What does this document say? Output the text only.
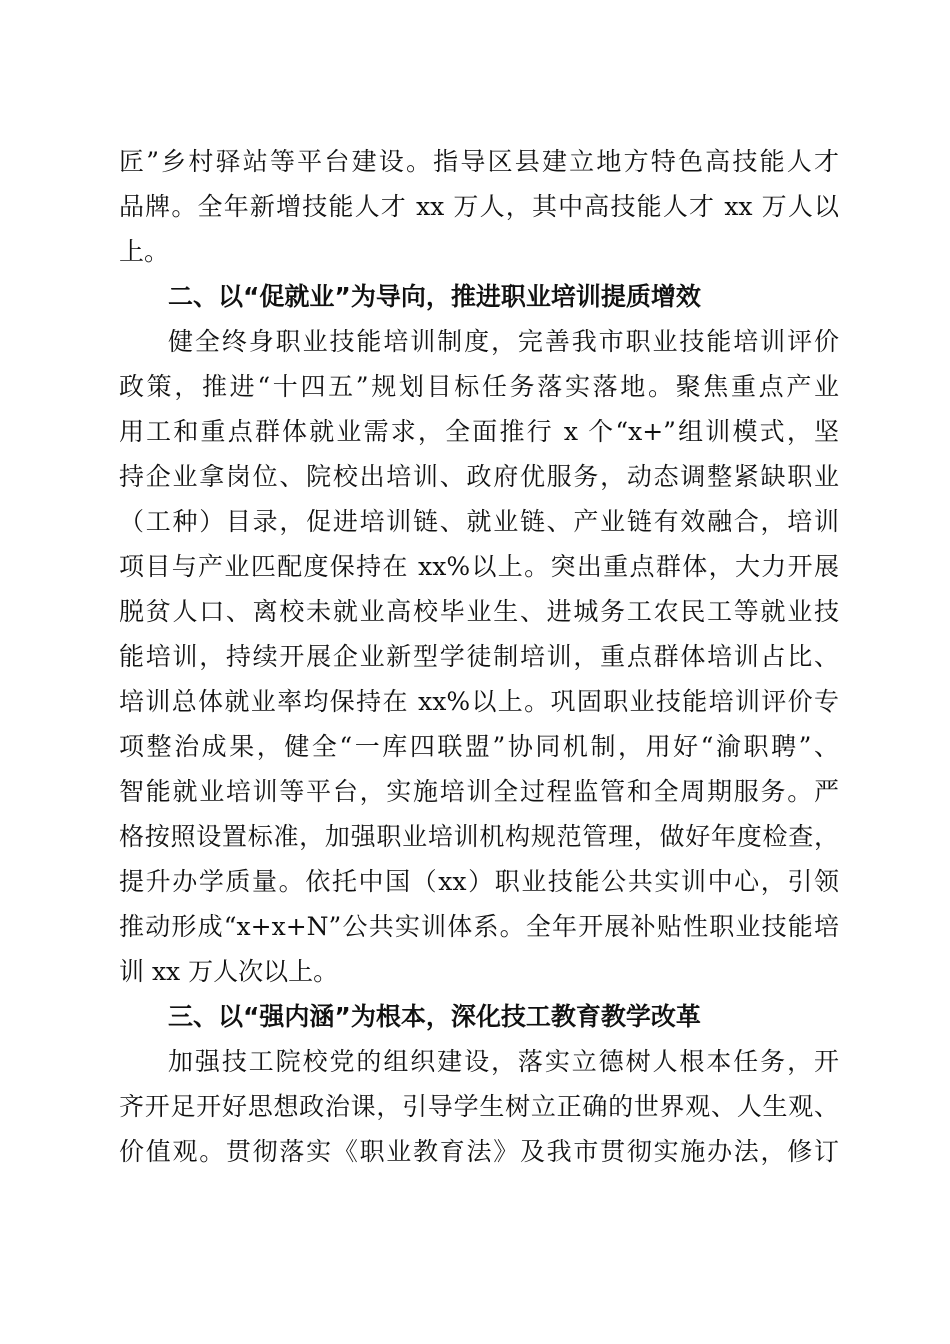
匠”乡村驿站等平台建设。指导区县建立地方特色高技能人才
品牌。全年新增技能人才 xx 万人，其中高技能人才 xx 万人以
上。
二、以“促就业”为导向，推进职业培训提质增效
健全终身职业技能培训制度，完善我市职业技能培训评价
政策，推进“十四五”规划目标任务落实落地。聚焦重点产业
用工和重点群体就业需求，全面推行 x 个“x+”组训模式，坚
持企业拿岗位、院校出培训、政府优服务，动态调整紧缺职业
（工种）目录，促进培训链、就业链、产业链有效融合，培训
项目与产业匹配度保持在 xx%以上。突出重点群体，大力开展
脱贫人口、离校未就业高校毕业生、进城务工农民工等就业技
能培训，持续开展企业新型学徒制培训，重点群体培训占比、
培训总体就业率均保持在 xx%以上。巩固职业技能培训评价专
项整治成果，健全“一库四联盟”协同机制，用好“渝职聘”、
智能就业培训等平台，实施培训全过程监管和全周期服务。严
格按照设置标准，加强职业培训机构规范管理，做好年度检查，
提升办学质量。依托中国（xx）职业技能公共实训中心，引领
推动形成“x+x+N”公共实训体系。全年开展补贴性职业技能培
训 xx 万人次以上。
三、以“强内涵”为根本，深化技工教育教学改革
加强技工院校党的组织建设，落实立德树人根本任务，开
齐开足开好思想政治课，引导学生树立正确的世界观、人生观、
价值观。贯彻落实《职业教育法》及我市贯彻实施办法，修订
